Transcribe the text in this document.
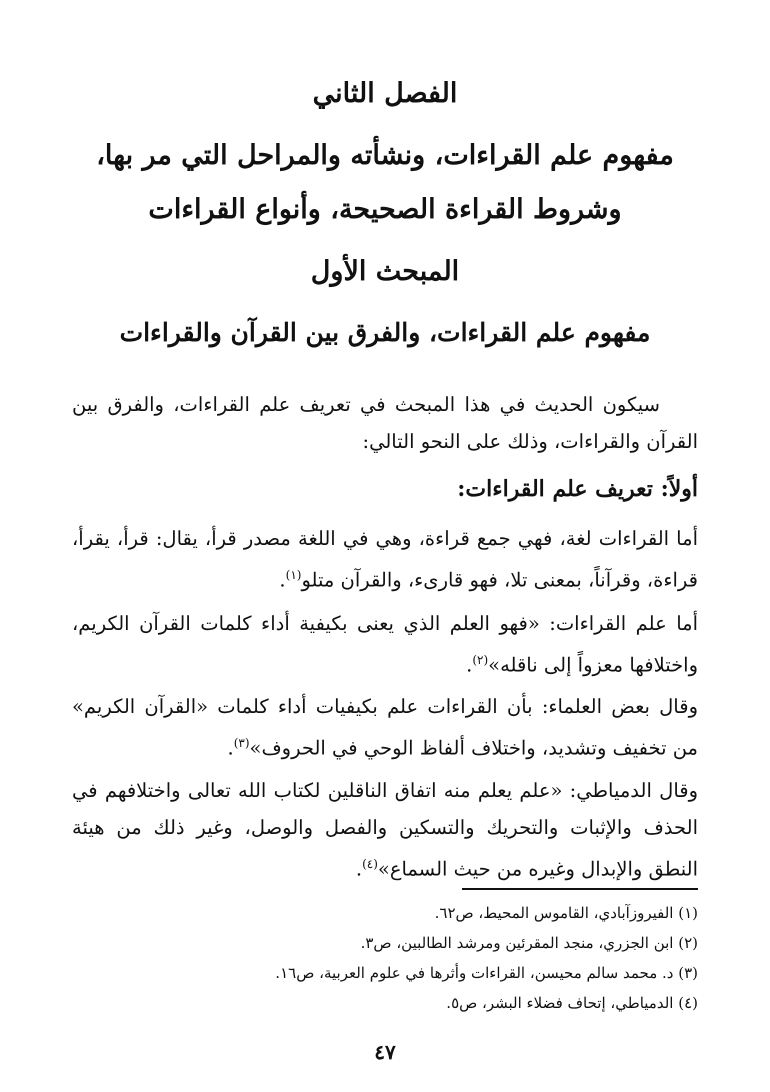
الفصل الثاني
مفهوم علم القراءات، ونشأته والمراحل التي مر بها،
وشروط القراءة الصحيحة، وأنواع القراءات
المبحث الأول
مفهوم علم القراءات، والفرق بين القرآن والقراءات

سيكون الحديث في هذا المبحث في تعريف علم القراءات، والفرق بين القرآن والقراءات، وذلك على النحو التالي:

أولاً: تعريف علم القراءات:

أما القراءات لغة، فهي جمع قراءة، وهي في اللغة مصدر قرأ، يقال: قرأ، يقرأ، قراءة، وقرآناً، بمعنى تلا، فهو قارىء، والقرآن متلو$^{(١)}$.

أما علم القراءات: «فهو العلم الذي يعنى بكيفية أداء كلمات القرآن الكريم، واختلافها معزواً إلى ناقله»$^{(٢)}$.

وقال بعض العلماء: بأن القراءات علم بكيفيات أداء كلمات «القرآن الكريم» من تخفيف وتشديد، واختلاف ألفاظ الوحي في الحروف»$^{(٣)}$.

وقال الدمياطي: «علم يعلم منه اتفاق الناقلين لكتاب الله تعالى واختلافهم في الحذف والإثبات والتحريك والتسكين والفصل والوصل، وغير ذلك من هيئة النطق والإبدال وغيره من حيث السماع»$^{(٤)}$.

(١) الفيروزآبادي، القاموس المحيط، ص٦٢.
(٢) ابن الجزري، منجد المقرئين ومرشد الطالبين، ص٣.
(٣) د. محمد سالم محيسن، القراءات وأثرها في علوم العربية، ص١٦.
(٤) الدمياطي، إتحاف فضلاء البشر، ص٥.
٤٧
